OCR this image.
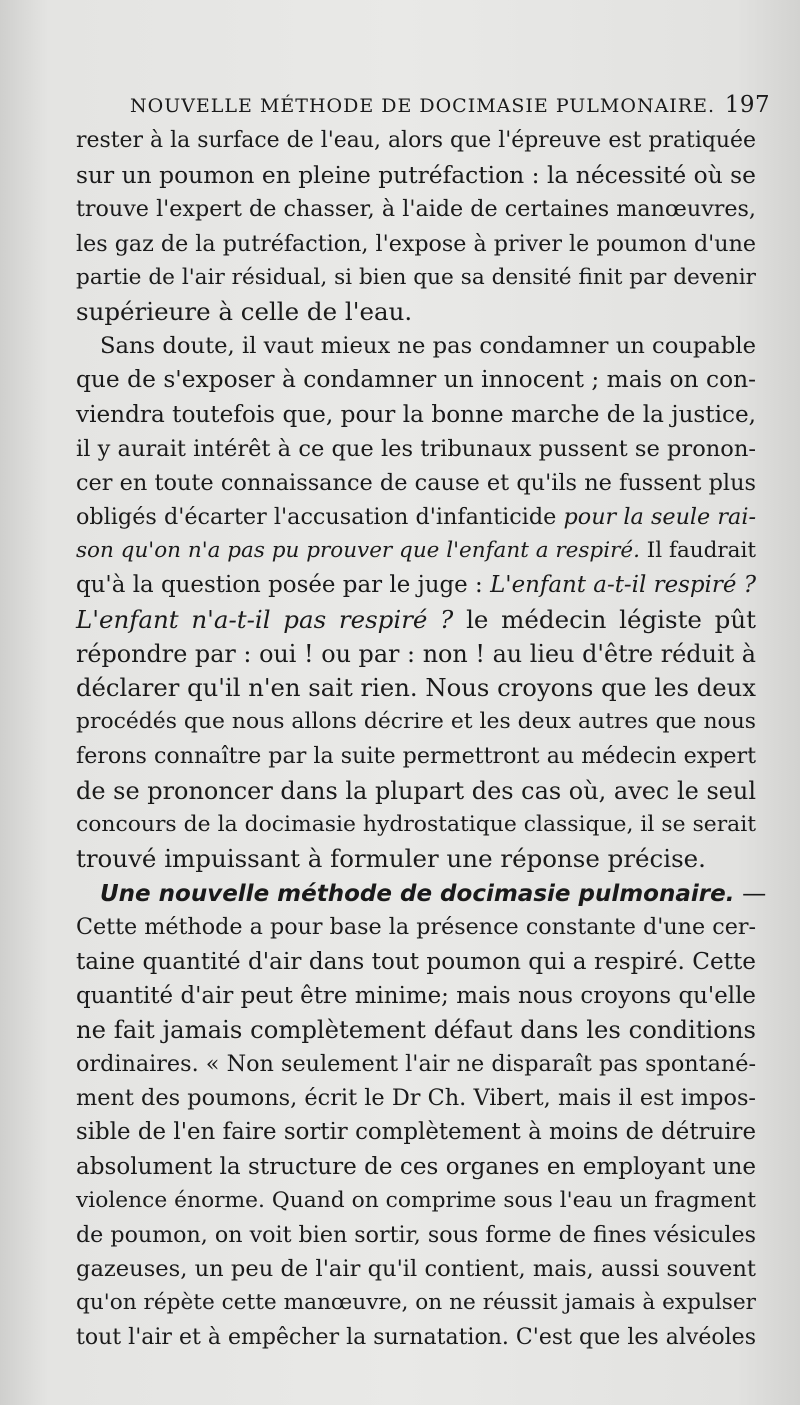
NOUVELLE MÉTHODE DE DOCIMASIE PULMONAIRE. 197
rester à la surface de l'eau, alors que l'épreuve est pratiquée
sur un poumon en pleine putréfaction : la nécessité où se
trouve l'expert de chasser, à l'aide de certaines manœuvres,
les gaz de la putréfaction, l'expose à priver le poumon d'une
partie de l'air résidual, si bien que sa densité finit par devenir
supérieure à celle de l'eau.
Sans doute, il vaut mieux ne pas condamner un coupable
que de s'exposer à condamner un innocent ; mais on con-
viendra toutefois que, pour la bonne marche de la justice,
il y aurait intérêt à ce que les tribunaux pussent se pronon-
cer en toute connaissance de cause et qu'ils ne fussent plus
obligés d'écarter l'accusation d'infanticide pour la seule rai-
son qu'on n'a pas pu prouver que l'enfant a respiré. Il faudrait
qu'à la question posée par le juge : L'enfant a-t-il respiré ?
L'enfant n'a-t-il pas respiré ? le médecin légiste pût
répondre par : oui ! ou par : non ! au lieu d'être réduit à
déclarer qu'il n'en sait rien. Nous croyons que les deux
procédés que nous allons décrire et les deux autres que nous
ferons connaître par la suite permettront au médecin expert
de se prononcer dans la plupart des cas où, avec le seul
concours de la docimasie hydrostatique classique, il se serait
trouvé impuissant à formuler une réponse précise.
Une nouvelle méthode de docimasie pulmonaire. —
Cette méthode a pour base la présence constante d'une cer-
taine quantité d'air dans tout poumon qui a respiré. Cette
quantité d'air peut être minime; mais nous croyons qu'elle
ne fait jamais complètement défaut dans les conditions
ordinaires. « Non seulement l'air ne disparaît pas spontané-
ment des poumons, écrit le Dr Ch. Vibert, mais il est impos-
sible de l'en faire sortir complètement à moins de détruire
absolument la structure de ces organes en employant une
violence énorme. Quand on comprime sous l'eau un fragment
de poumon, on voit bien sortir, sous forme de fines vésicules
gazeuses, un peu de l'air qu'il contient, mais, aussi souvent
qu'on répète cette manœuvre, on ne réussit jamais à expulser
tout l'air et à empêcher la surnatation. C'est que les alvéoles
